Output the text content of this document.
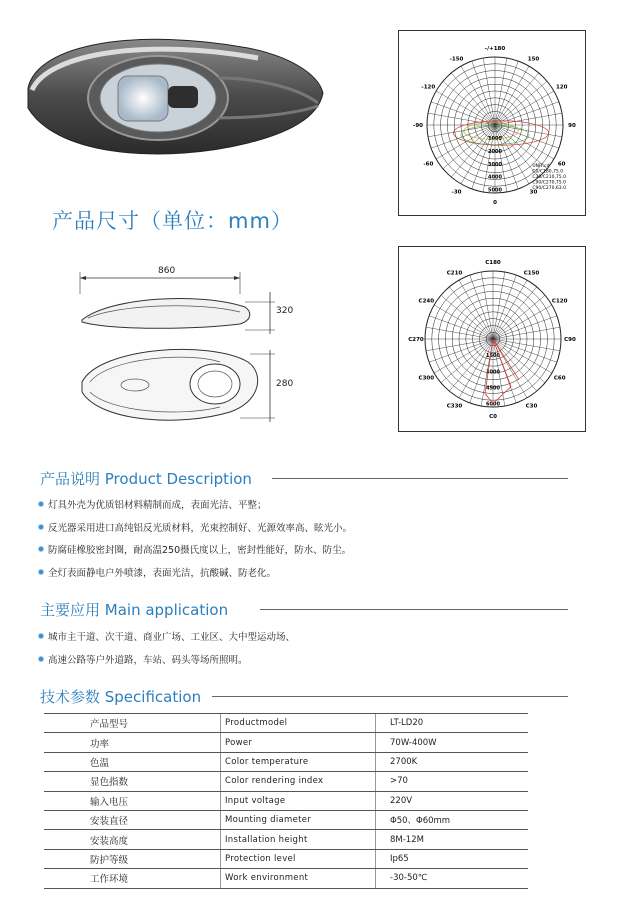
产品尺寸（单位：mm）
860
320
280
-/+180
150
120
90
60
30
0
-30
-60
-90
-120
-150
1000
2000
3000
4000
5000
UNIT:cd
C0/C180,75.0
C30/C210,75.0
C90/C270,75.0
C90/C270,63.0
C180
C150
C120
C90
C60
C30
C0
C330
C300
C270
C240
C210
1500
3000
4500
6000
产品说明 Product Description
灯具外壳为优质铝材料精制而成，表面光洁、平整；
反光器采用进口高纯铝反光质材料，光束控制好、光源效率高、眩光小。
防腐硅橡胶密封圈，耐高温250摄氏度以上，密封性能好，防水、防尘。
全灯表面静电户外喷漆，表面光洁，抗酸碱、防老化。
主要应用 Main application
城市主干道、次干道、商业广场、工业区、大中型运动场、
高速公路等户外道路，车站、码头等场所照明。
技术参数 Specification
产品型号	Productmodel	LT-LD20
功率	Power	70W-400W
色温	Color temperature	2700K
显色指数	Color rendering index	>70
输入电压	Input voltage	220V
安装直径	Mounting diameter	Φ50、Φ60mm
安装高度	Installation height	8M-12M
防护等级	Protection level	Ip65
工作环境	Work environment	-30-50℃
